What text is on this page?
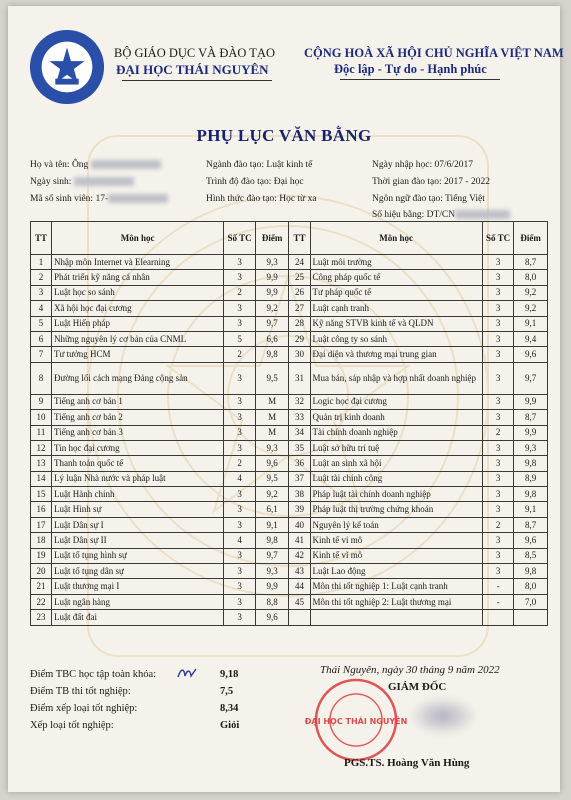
BỘ GIÁO DỤC VÀ ĐÀO TẠO
ĐẠI HỌC THÁI NGUYÊN
CỘNG HOÀ XÃ HỘI CHỦ NGHĨA VIỆT NAM
Độc lập - Tự do - Hạnh phúc
PHỤ LỤC VĂN BẰNG
Họ và tên: Ông
Ngày sinh:
Mã số sinh viên: 17-
Ngành đào tạo: Luật kinh tế
Trình độ đào tạo: Đại học
Hình thức đào tạo: Học từ xa
Ngày nhập học: 07/6/2017
Thời gian đào tạo: 2017 - 2022
Ngôn ngữ đào tạo: Tiếng Việt
Số hiệu bằng: DT/CN
TT	Môn học	Số TC	Điểm	TT	Môn học	Số TC	Điểm
1	Nhập môn Internet và Elearning	3	9,3	24	Luật môi trường	3	8,7
2	Phát triển kỹ năng cá nhân	3	9,9	25	Công pháp quốc tế	3	8,0
3	Luật học so sánh	2	9,9	26	Tư pháp quốc tế	3	9,2
4	Xã hội học đại cương	3	9,2	27	Luật cạnh tranh	3	9,2
5	Luật Hiến pháp	3	9,7	28	Kỹ năng STVB kinh tế và QLDN	3	9,1
6	Những nguyên lý cơ bản của CNML	5	6,6	29	Luật công ty so sánh	3	9,4
7	Tư tưởng HCM	2	9,8	30	Đại diện và thương mại trung gian	3	9,6
8	Đường lối cách mạng Đảng cộng sản	3	9,5	31	Mua bán, sáp nhập và hợp nhất doanh nghiệp	3	9,7
9	Tiếng anh cơ bản 1	3	M	32	Logic học đại cương	3	9,9
10	Tiếng anh cơ bản 2	3	M	33	Quản trị kinh doanh	3	8,7
11	Tiếng anh cơ bản 3	3	M	34	Tài chính doanh nghiệp	2	9,9
12	Tin học đại cương	3	9,3	35	Luật sở hữu trí tuệ	3	9,3
13	Thanh toán quốc tế	2	9,6	36	Luật an sinh xã hội	3	9,8
14	Lý luận Nhà nước và pháp luật	4	9,5	37	Luật tài chính công	3	8,9
15	Luật Hành chính	3	9,2	38	Pháp luật tài chính doanh nghiệp	3	9,8
16	Luật Hình sự	3	6,1	39	Pháp luật thị trường chứng khoán	3	9,1
17	Luật Dân sự I	3	9,1	40	Nguyên lý kế toán	2	8,7
18	Luật Dân sự II	4	9,8	41	Kinh tế vi mô	3	9,6
19	Luật tố tụng hình sự	3	9,7	42	Kinh tế vĩ mô	3	8,5
20	Luật tố tụng dân sự	3	9,3	43	Luật Lao động	3	9,8
21	Luật thương mại I	3	9,9	44	Môn thi tốt nghiệp 1: Luật cạnh tranh	-	8,0
22	Luật ngân hàng	3	8,8	45	Môn thi tốt nghiệp 2: Luật thương mại	-	7,0
23	Luật đất đai	3	9,6				
Điểm TBC học tập toàn khóa:	9,18
Điểm TB thi tốt nghiệp:	7,5
Điểm xếp loại tốt nghiệp:	8,34
Xếp loại tốt nghiệp:	Giỏi
Thái Nguyên, ngày 30 tháng 9 năm 2022
GIÁM ĐỐC
ĐẠI HỌC THÁI NGUYÊN
PGS.TS. Hoàng Văn Hùng
